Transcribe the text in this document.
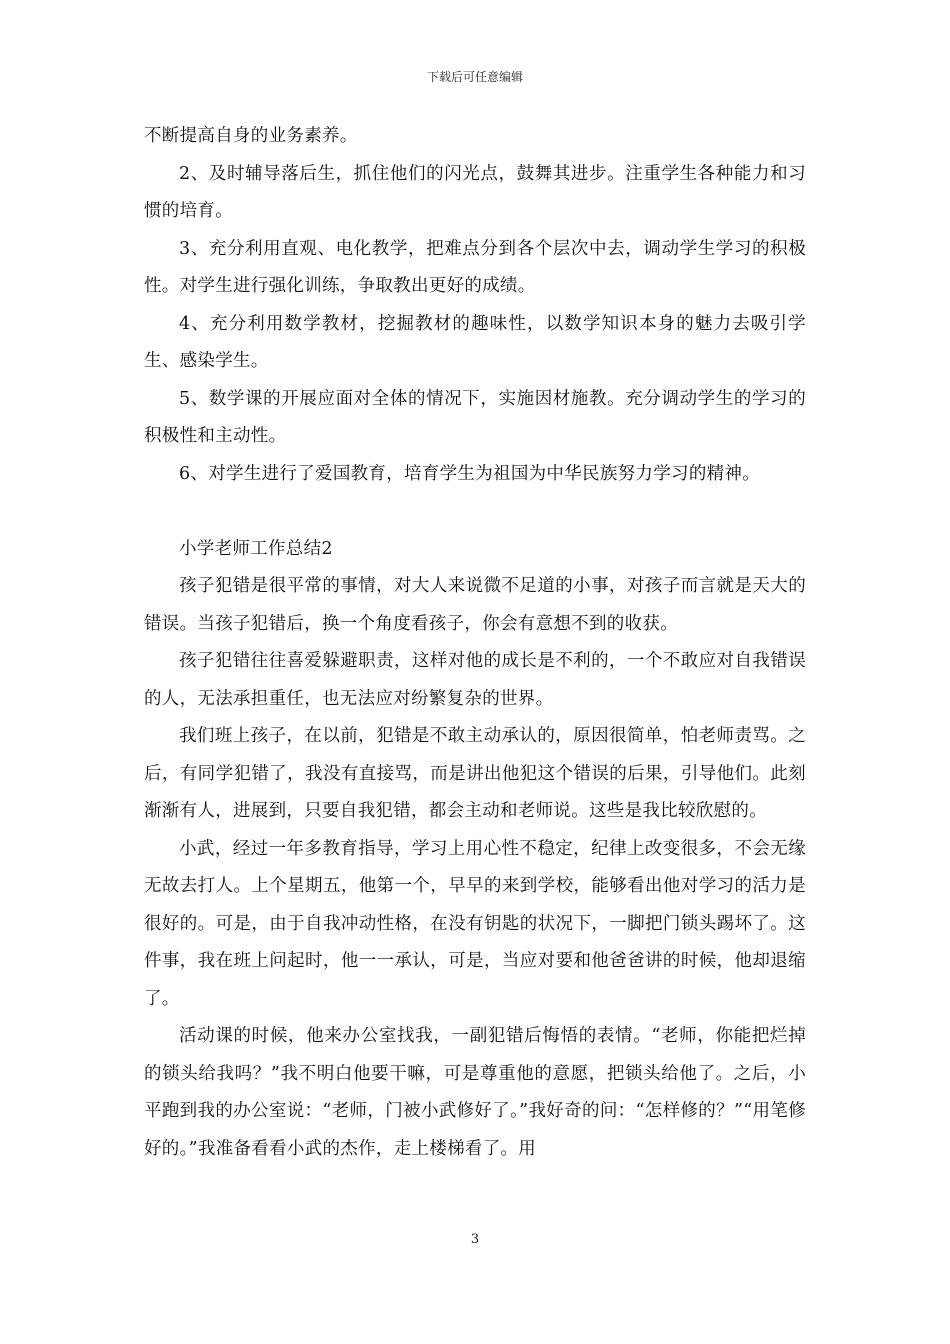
下载后可任意编辑

不断提高自身的业务素养。

2、及时辅导落后生，抓住他们的闪光点，鼓舞其进步。注重学生各种能力和习惯的培育。

3、充分利用直观、电化教学，把难点分到各个层次中去，调动学生学习的积极性。对学生进行强化训练，争取教出更好的成绩。

4、充分利用数学教材，挖掘教材的趣味性，以数学知识本身的魅力去吸引学生、感染学生。

5、数学课的开展应面对全体的情况下，实施因材施教。充分调动学生的学习的积极性和主动性。

6、对学生进行了爱国教育，培育学生为祖国为中华民族努力学习的精神。

小学老师工作总结2

孩子犯错是很平常的事情，对大人来说微不足道的小事，对孩子而言就是天大的错误。当孩子犯错后，换一个角度看孩子，你会有意想不到的收获。

孩子犯错往往喜爱躲避职责，这样对他的成长是不利的，一个不敢应对自我错误的人，无法承担重任，也无法应对纷繁复杂的世界。

我们班上孩子，在以前，犯错是不敢主动承认的，原因很简单，怕老师责骂。之后，有同学犯错了，我没有直接骂，而是讲出他犯这个错误的后果，引导他们。此刻渐渐有人，进展到，只要自我犯错，都会主动和老师说。这些是我比较欣慰的。

小武，经过一年多教育指导，学习上用心性不稳定，纪律上改变很多，不会无缘无故去打人。上个星期五，他第一个，早早的来到学校，能够看出他对学习的活力是很好的。可是，由于自我冲动性格，在没有钥匙的状况下，一脚把门锁头踢坏了。这件事，我在班上问起时，他一一承认，可是，当应对要和他爸爸讲的时候，他却退缩了。

活动课的时候，他来办公室找我，一副犯错后悔悟的表情。“老师，你能把烂掉的锁头给我吗？”我不明白他要干嘛，可是尊重他的意愿，把锁头给他了。之后，小平跑到我的办公室说：“老师，门被小武修好了。”我好奇的问：“怎样修的？”“用笔修好的。”我准备看看小武的杰作，走上楼梯看了。用

3
